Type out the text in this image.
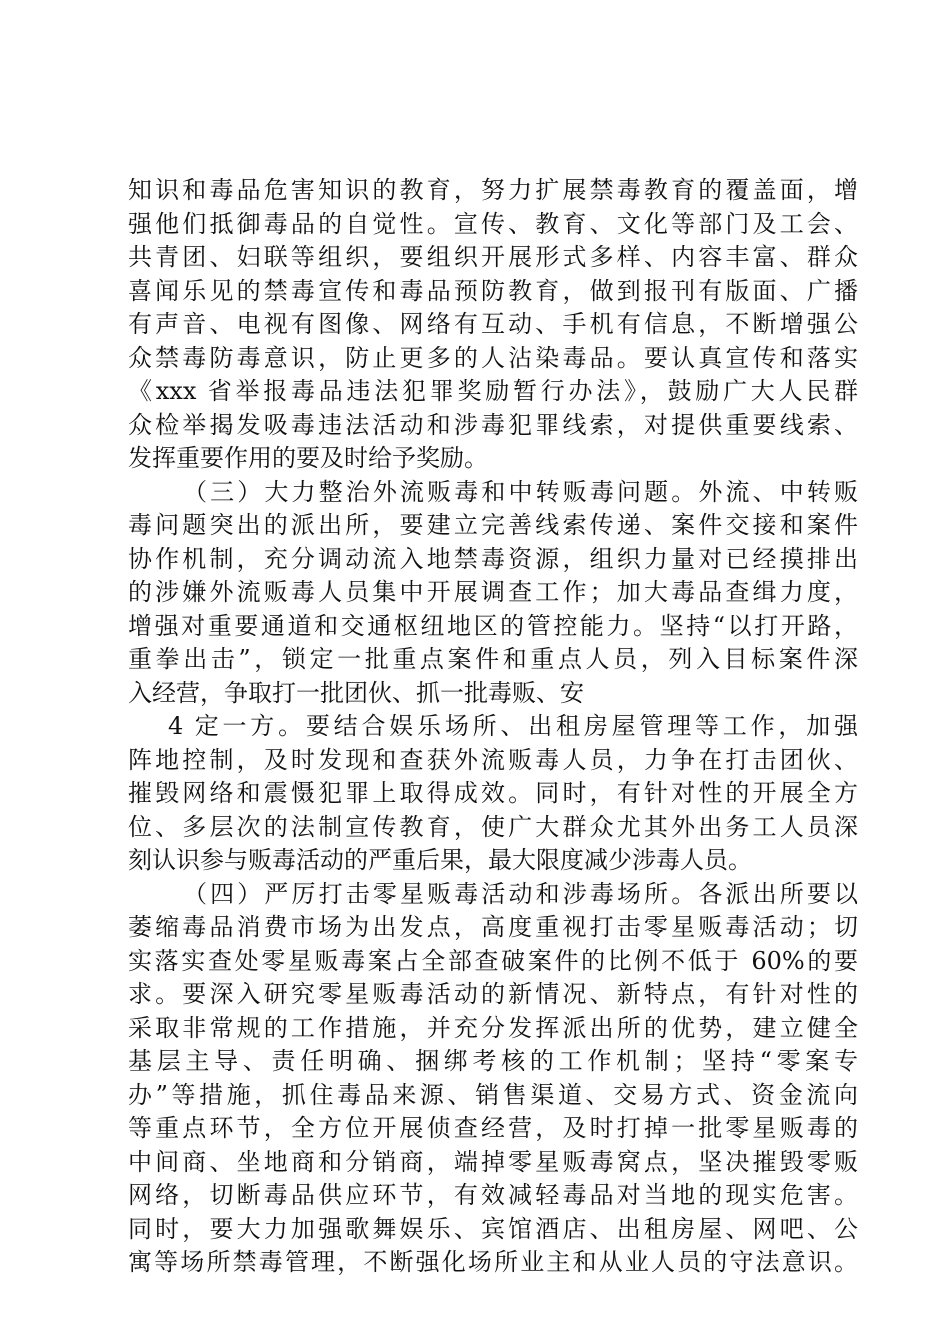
知识和毒品危害知识的教育，努力扩展禁毒教育的覆盖面，增
强他们抵御毒品的自觉性。宣传、教育、文化等部门及工会、
共青团、妇联等组织，要组织开展形式多样、内容丰富、群众
喜闻乐见的禁毒宣传和毒品预防教育，做到报刊有版面、广播
有声音、电视有图像、网络有互动、手机有信息，不断增强公
众禁毒防毒意识，防止更多的人沾染毒品。要认真宣传和落实
《xxx 省举报毒品违法犯罪奖励暂行办法》，鼓励广大人民群
众检举揭发吸毒违法活动和涉毒犯罪线索，对提供重要线索、
发挥重要作用的要及时给予奖励。
（三）大力整治外流贩毒和中转贩毒问题。外流、中转贩
毒问题突出的派出所，要建立完善线索传递、案件交接和案件
协作机制，充分调动流入地禁毒资源，组织力量对已经摸排出
的涉嫌外流贩毒人员集中开展调查工作；加大毒品查缉力度，
增强对重要通道和交通枢纽地区的管控能力。坚持“以打开路，
重拳出击”，锁定一批重点案件和重点人员，列入目标案件深
入经营，争取打一批团伙、抓一批毒贩、安
4 定一方。要结合娱乐场所、出租房屋管理等工作，加强
阵地控制，及时发现和查获外流贩毒人员，力争在打击团伙、
摧毁网络和震慑犯罪上取得成效。同时，有针对性的开展全方
位、多层次的法制宣传教育，使广大群众尤其外出务工人员深
刻认识参与贩毒活动的严重后果，最大限度减少涉毒人员。
（四）严厉打击零星贩毒活动和涉毒场所。各派出所要以
萎缩毒品消费市场为出发点，高度重视打击零星贩毒活动；切
实落实查处零星贩毒案占全部查破案件的比例不低于 60%的要
求。要深入研究零星贩毒活动的新情况、新特点，有针对性的
采取非常规的工作措施，并充分发挥派出所的优势，建立健全
基层主导、责任明确、捆绑考核的工作机制；坚持“零案专
办”等措施，抓住毒品来源、销售渠道、交易方式、资金流向
等重点环节，全方位开展侦查经营，及时打掉一批零星贩毒的
中间商、坐地商和分销商，端掉零星贩毒窝点，坚决摧毁零贩
网络，切断毒品供应环节，有效减轻毒品对当地的现实危害。
同时，要大力加强歌舞娱乐、宾馆酒店、出租房屋、网吧、公
寓等场所禁毒管理，不断强化场所业主和从业人员的守法意识。
